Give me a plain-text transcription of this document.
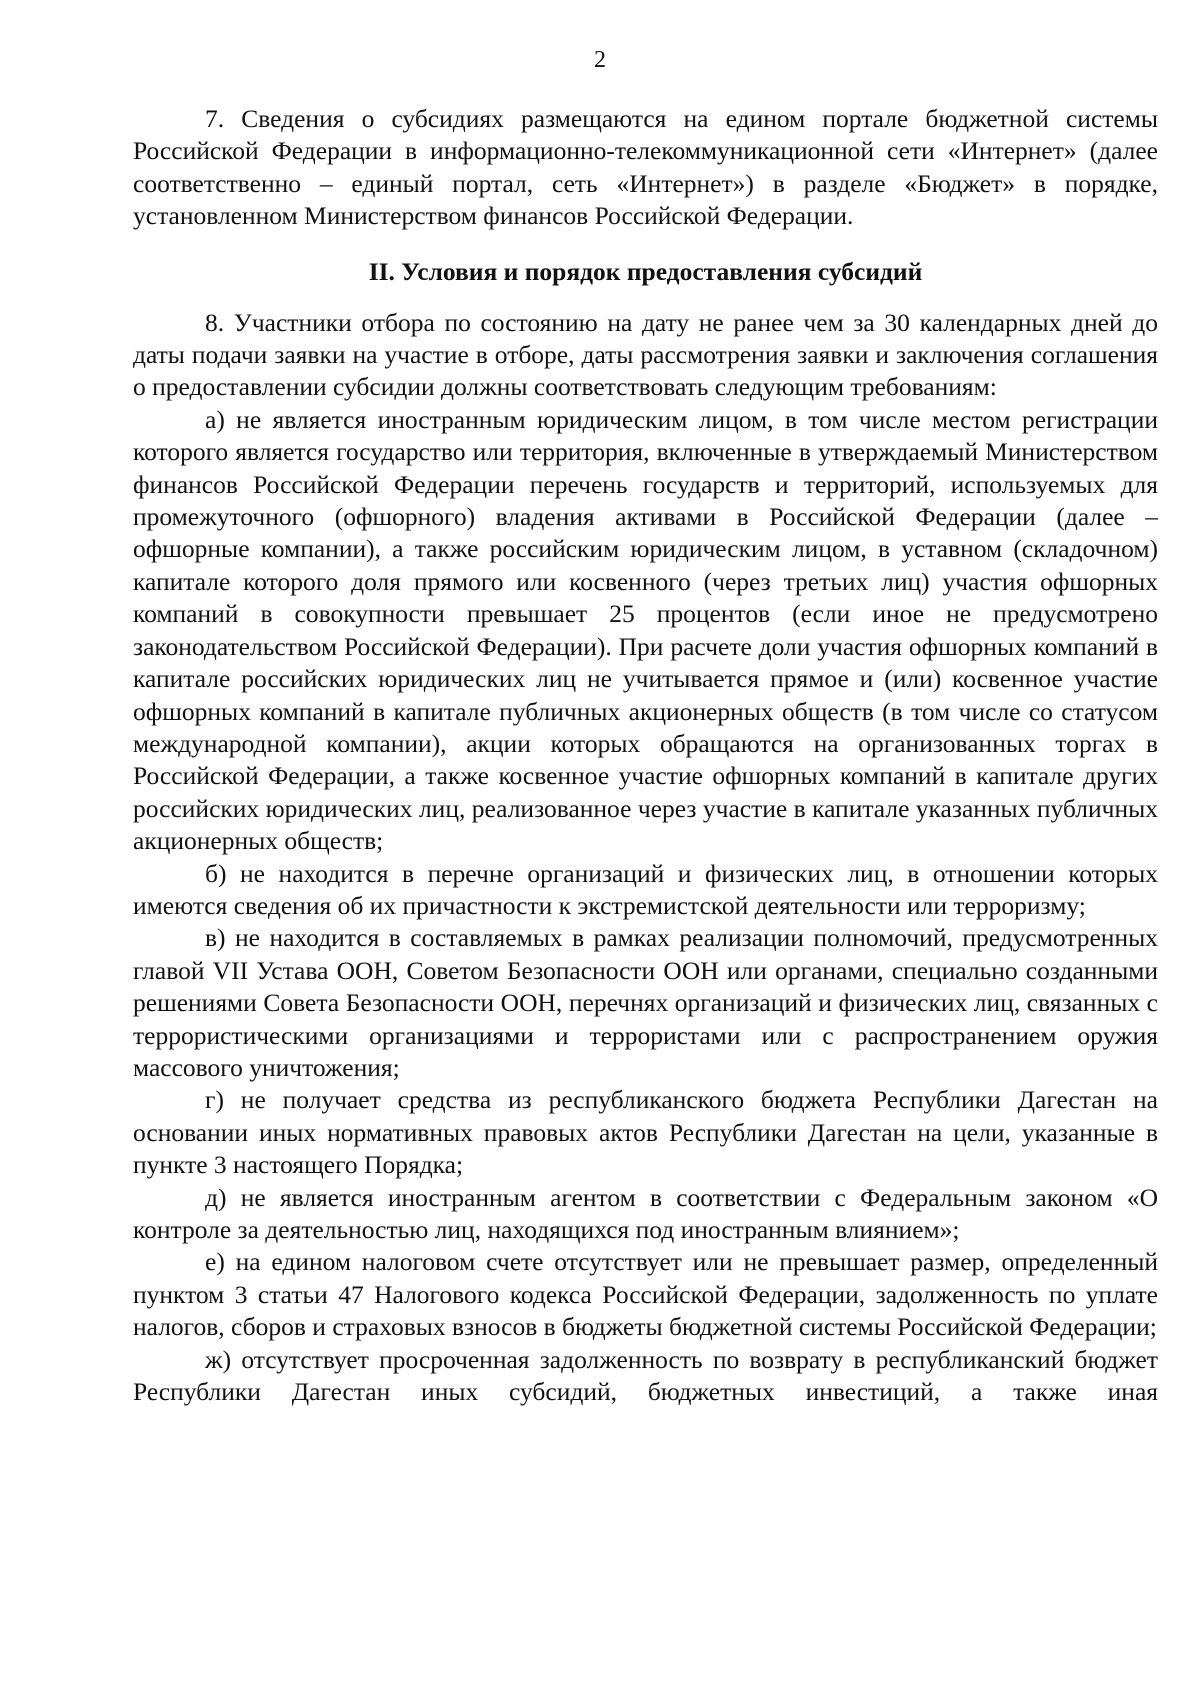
2

7. Сведения о субсидиях размещаются на едином портале бюджетной системы Российской Федерации в информационно-телекоммуникационной сети «Интернет» (далее соответственно – единый портал, сеть «Интернет») в разделе «Бюджет» в порядке, установленном Министерством финансов Российской Федерации.

II. Условия и порядок предоставления субсидий

8. Участники отбора по состоянию на дату не ранее чем за 30 календарных дней до даты подачи заявки на участие в отборе, даты рассмотрения заявки и заключения соглашения о предоставлении субсидии должны соответствовать следующим требованиям:

а) не является иностранным юридическим лицом, в том числе местом регистрации которого является государство или территория, включенные в утверждаемый Министерством финансов Российской Федерации перечень государств и территорий, используемых для промежуточного (офшорного) владения активами в Российской Федерации (далее – офшорные компании), а также российским юридическим лицом, в уставном (складочном) капитале которого доля прямого или косвенного (через третьих лиц) участия офшорных компаний в совокупности превышает 25 процентов (если иное не предусмотрено законодательством Российской Федерации). При расчете доли участия офшорных компаний в капитале российских юридических лиц не учитывается прямое и (или) косвенное участие офшорных компаний в капитале публичных акционерных обществ (в том числе со статусом международной компании), акции которых обращаются на организованных торгах в Российской Федерации, а также косвенное участие офшорных компаний в капитале других российских юридических лиц, реализованное через участие в капитале указанных публичных акционерных обществ;

б) не находится в перечне организаций и физических лиц, в отношении которых имеются сведения об их причастности к экстремистской деятельности или терроризму;

в) не находится в составляемых в рамках реализации полномочий, предусмотренных главой VII Устава ООН, Советом Безопасности ООН или органами, специально созданными решениями Совета Безопасности ООН, перечнях организаций и физических лиц, связанных с террористическими организациями и террористами или с распространением оружия массового уничтожения;

г) не получает средства из республиканского бюджета Республики Дагестан на основании иных нормативных правовых актов Республики Дагестан на цели, указанные в пункте 3 настоящего Порядка;

д) не является иностранным агентом в соответствии с Федеральным законом «О контроле за деятельностью лиц, находящихся под иностранным влиянием»;

е) на едином налоговом счете отсутствует или не превышает размер, определенный пунктом 3 статьи 47 Налогового кодекса Российской Федерации, задолженность по уплате налогов, сборов и страховых взносов в бюджеты бюджетной системы Российской Федерации;

ж) отсутствует просроченная задолженность по возврату в республиканский бюджет Республики Дагестан иных субсидий, бюджетных инвестиций, а также иная
